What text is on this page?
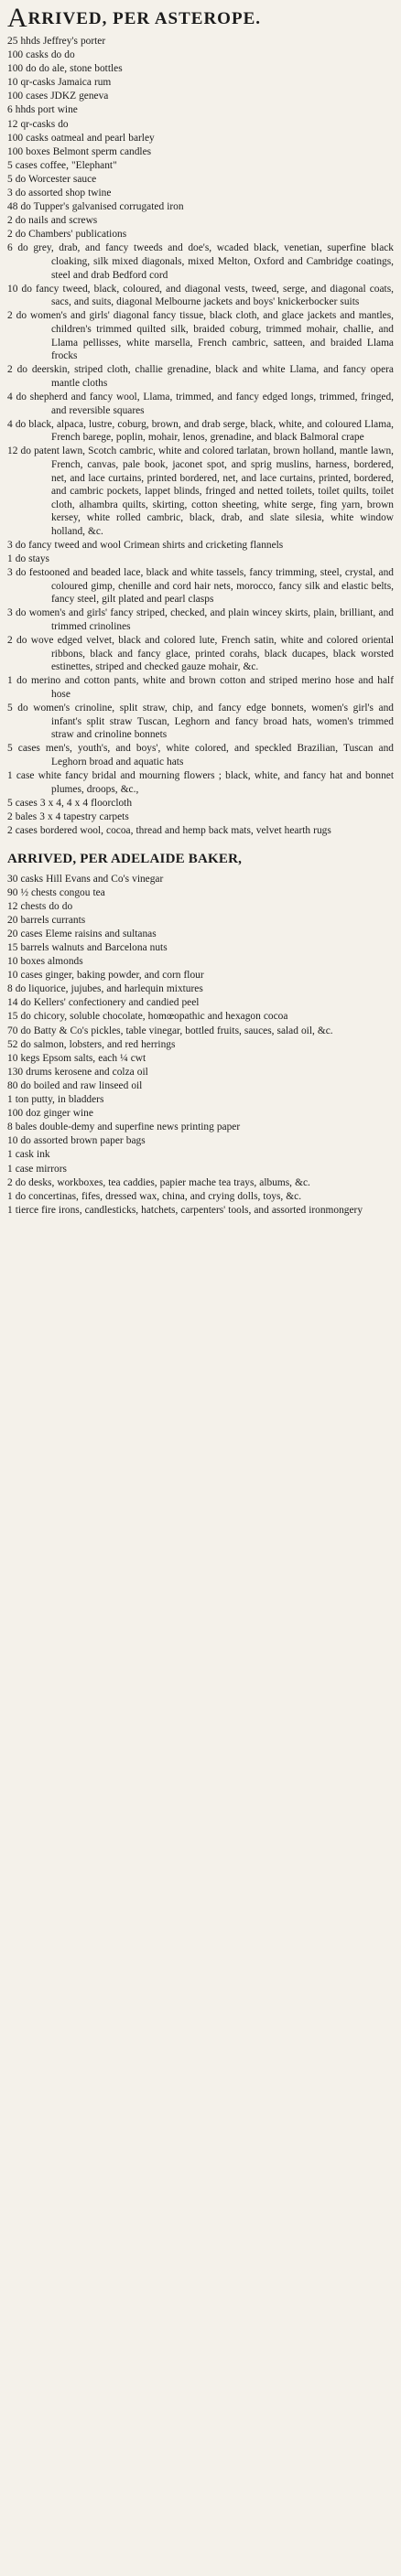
ARRIVED, PER ASTEROPE.

25 hhds Jeffrey's porter

100 casks do do

100 do do ale, stone bottles

10 qr-casks Jamaica rum

100 cases JDKZ geneva

6 hhds port wine

12 qr-casks do

100 casks oatmeal and pearl barley

100 boxes Belmont sperm candles

5 cases coffee, "Elephant"

5 do Worcester sauce

3 do assorted shop twine

48 do Tupper's galvanised corrugated iron

2 do nails and screws

2 do Chambers' publications

6 do grey, drab, and fancy tweeds and doe's, wcaded black, venetian, superfine black cloaking, silk mixed diagonals, mixed Melton, Oxford and Cambridge coatings, steel and drab Bedford cord

10 do fancy tweed, black, coloured, and diagonal vests, tweed, serge, and diagonal coats, sacs, and suits, diagonal Melbourne jackets and boys' knickerbocker suits

2 do women's and girls' diagonal fancy tissue, black cloth, and glace jackets and mantles, children's trimmed quilted silk, braided coburg, trimmed mohair, challie, and Llama pellisses, white marsella, French cambric, satteen, and braided Llama frocks

2 do deerskin, striped cloth, challie grenadine, black and white Llama, and fancy opera mantle cloths

4 do shepherd and fancy wool, Llama, trimmed, and fancy edged longs, trimmed, fringed, and reversible squares

4 do black, alpaca, lustre, coburg, brown, and drab serge, black, white, and coloured Llama, French barege, poplin, mohair, lenos, grenadine, and black Balmoral crape

12 do patent lawn, Scotch cambric, white and colored tarlatan, brown holland, mantle lawn, French, canvas, pale book, jaconet spot, and sprig muslins, harness, bordered, net, and lace curtains, printed bordered, net, and lace curtains, printed, bordered, and cambric pockets, lappet blinds, fringed and netted toilets, toilet quilts, toilet cloth, alhambra quilts, skirting, cotton sheeting, white serge, fing yarn, brown kersey, white rolled cambric, black, drab, and slate silesia, white window holland, &c.

3 do fancy tweed and wool Crimean shirts and cricketing flannels

1 do stays

3 do festooned and beaded lace, black and white tassels, fancy trimming, steel, crystal, and coloured gimp, chenille and cord hair nets, morocco, fancy silk and elastic belts, fancy steel, gilt plated and pearl clasps

3 do women's and girls' fancy striped, checked, and plain wincey skirts, plain, brilliant, and trimmed crinolines

2 do wove edged velvet, black and colored lute, French satin, white and colored oriental ribbons, black and fancy glace, printed corahs, black ducapes, black worsted estinettes, striped and checked gauze mohair, &c.

1 do merino and cotton pants, white and brown cotton and striped merino hose and half hose

5 do women's crinoline, split straw, chip, and fancy edge bonnets, women's girl's and infant's split straw Tuscan, Leghorn and fancy broad hats, women's trimmed straw and crinoline bonnets

5 cases men's, youth's, and boys', white colored, and speckled Brazilian, Tuscan and Leghorn broad and aquatic hats

1 case white fancy bridal and mourning flowers ; black, white, and fancy hat and bonnet plumes, droops, &c.,

5 cases 3 x 4, 4 x 4 floorcloth

2 bales 3 x 4 tapestry carpets

2 cases bordered wool, cocoa, thread and hemp back mats, velvet hearth rugs

ARRIVED, PER ADELAIDE BAKER,

30 casks Hill Evans and Co's vinegar

90 ½ chests congou tea

12 chests do do

20 barrels currants

20 cases Eleme raisins and sultanas

15 barrels walnuts and Barcelona nuts

10 boxes almonds

10 cases ginger, baking powder, and corn flour

8 do liquorice, jujubes, and harlequin mixtures

14 do Kellers' confectionery and candied peel

15 do chicory, soluble chocolate, homœopathic and hexagon cocoa

70 do Batty & Co's pickles, table vinegar, bottled fruits, sauces, salad oil, &c.

52 do salmon, lobsters, and red herrings

10 kegs Epsom salts, each ¼ cwt

130 drums kerosene and colza oil

80 do boiled and raw linseed oil

1 ton putty, in bladders

100 doz ginger wine

8 bales double-demy and superfine news printing paper

10 do assorted brown paper bags

1 cask ink

1 case mirrors

2 do desks, workboxes, tea caddies, papier mache tea trays, albums, &c.

1 do concertinas, fifes, dressed wax, china, and crying dolls, toys, &c.

1 tierce fire irons, candlesticks, hatchets, carpenters' tools, and assorted ironmongery
